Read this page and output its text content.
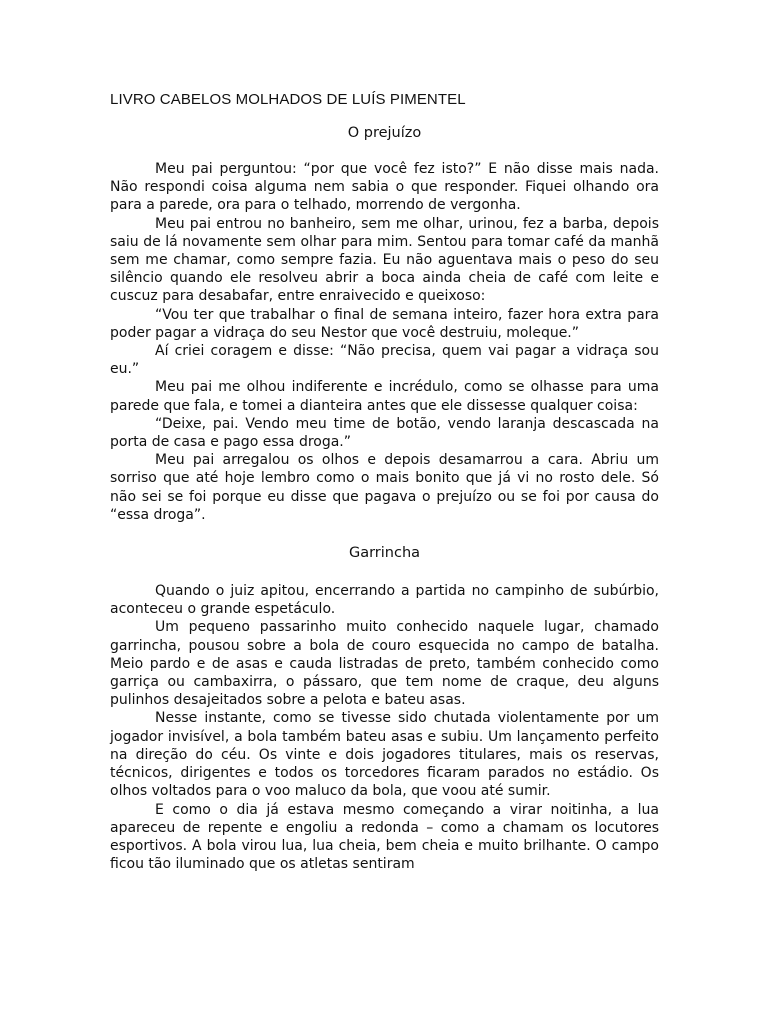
LIVRO CABELOS MOLHADOS DE LUÍS PIMENTEL
O prejuízo

Meu pai perguntou: “por que você fez isto?” E não disse mais nada. Não respondi coisa alguma nem sabia o que responder. Fiquei olhando ora para a parede, ora para o telhado, morrendo de vergonha.

Meu pai entrou no banheiro, sem me olhar, urinou, fez a barba, depois saiu de lá novamente sem olhar para mim. Sentou para tomar café da manhã sem me chamar, como sempre fazia. Eu não aguentava mais o peso do seu silêncio quando ele resolveu abrir a boca ainda cheia de café com leite e cuscuz para desabafar, entre enraivecido e queixoso:

“Vou ter que trabalhar o final de semana inteiro, fazer hora extra para poder pagar a vidraça do seu Nestor que você destruiu, moleque.”

Aí criei coragem e disse: “Não precisa, quem vai pagar a vidraça sou eu.”

Meu pai me olhou indiferente e incrédulo, como se olhasse para uma parede que fala, e tomei a dianteira antes que ele dissesse qualquer coisa:

“Deixe, pai. Vendo meu time de botão, vendo laranja descascada na porta de casa e pago essa droga.”

Meu pai arregalou os olhos e depois desamarrou a cara. Abriu um sorriso que até hoje lembro como o mais bonito que já vi no rosto dele. Só não sei se foi porque eu disse que pagava o prejuízo ou se foi por causa do “essa droga”.

Garrincha

Quando o juiz apitou, encerrando a partida no campinho de subúrbio, aconteceu o grande espetáculo.

Um pequeno passarinho muito conhecido naquele lugar, chamado garrincha, pousou sobre a bola de couro esquecida no campo de batalha. Meio pardo e de asas e cauda listradas de preto, também conhecido como garriça ou cambaxirra, o pássaro, que tem nome de craque, deu alguns pulinhos desajeitados sobre a pelota e bateu asas.

Nesse instante, como se tivesse sido chutada violentamente por um jogador invisível, a bola também bateu asas e subiu. Um lançamento perfeito na direção do céu. Os vinte e dois jogadores titulares, mais os reservas, técnicos, dirigentes e todos os torcedores ficaram parados no estádio. Os olhos voltados para o voo maluco da bola, que voou até sumir.

E como o dia já estava mesmo começando a virar noitinha, a lua apareceu de repente e engoliu a redonda – como a chamam os locutores esportivos. A bola virou lua, lua cheia, bem cheia e muito brilhante. O campo ficou tão iluminado que os atletas sentiram
